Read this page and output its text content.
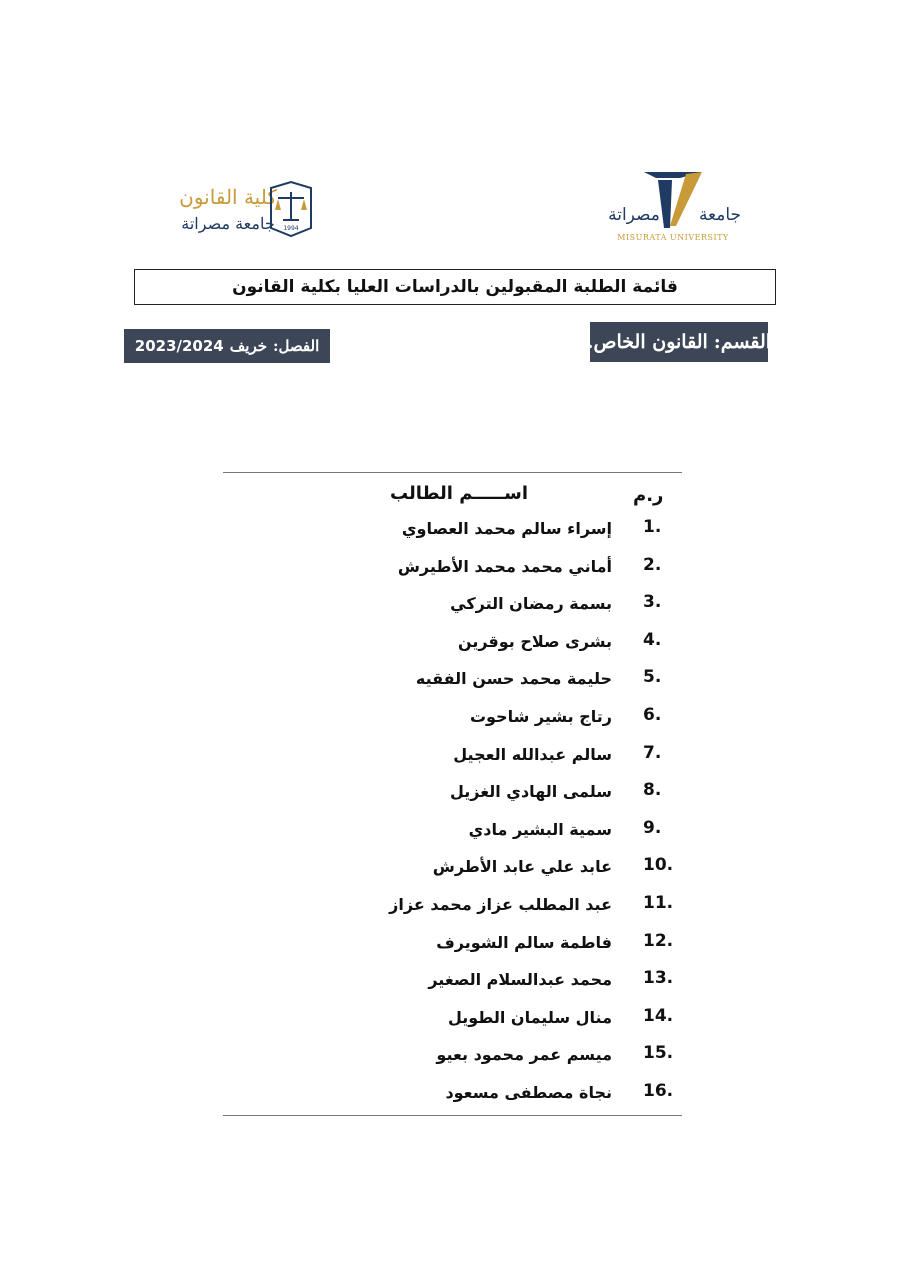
مصراتة جامعة
MISURATA UNIVERSITY
كلية القانون
جامعة مصراتة 1994
قائمة الطلبة المقبولين بالدراسات العليا بكلية القانون
القسم:
القانون الخاص.
الفصل:
خريف
2023/2024
ر.م
اســـــم الطالب
1.
إسراء سالم محمد العصاوي
2.
أماني محمد محمد الأطيرش
3.
بسمة رمضان التركي
4.
بشرى صلاح بوقرين
5.
حليمة محمد حسن الفقيه
6.
رتاج بشير شاحوت
7.
سالم عبدالله العجيل
8.
سلمى الهادي الغزيل
9.
سمية البشير مادي
10.
عابد علي عابد الأطرش
11.
عبد المطلب عزاز محمد عزاز
12.
فاطمة سالم الشويرف
13.
محمد عبدالسلام الصغير
14.
منال سليمان الطويل
15.
ميسم عمر محمود بعيو
16.
نجاة مصطفى مسعود
